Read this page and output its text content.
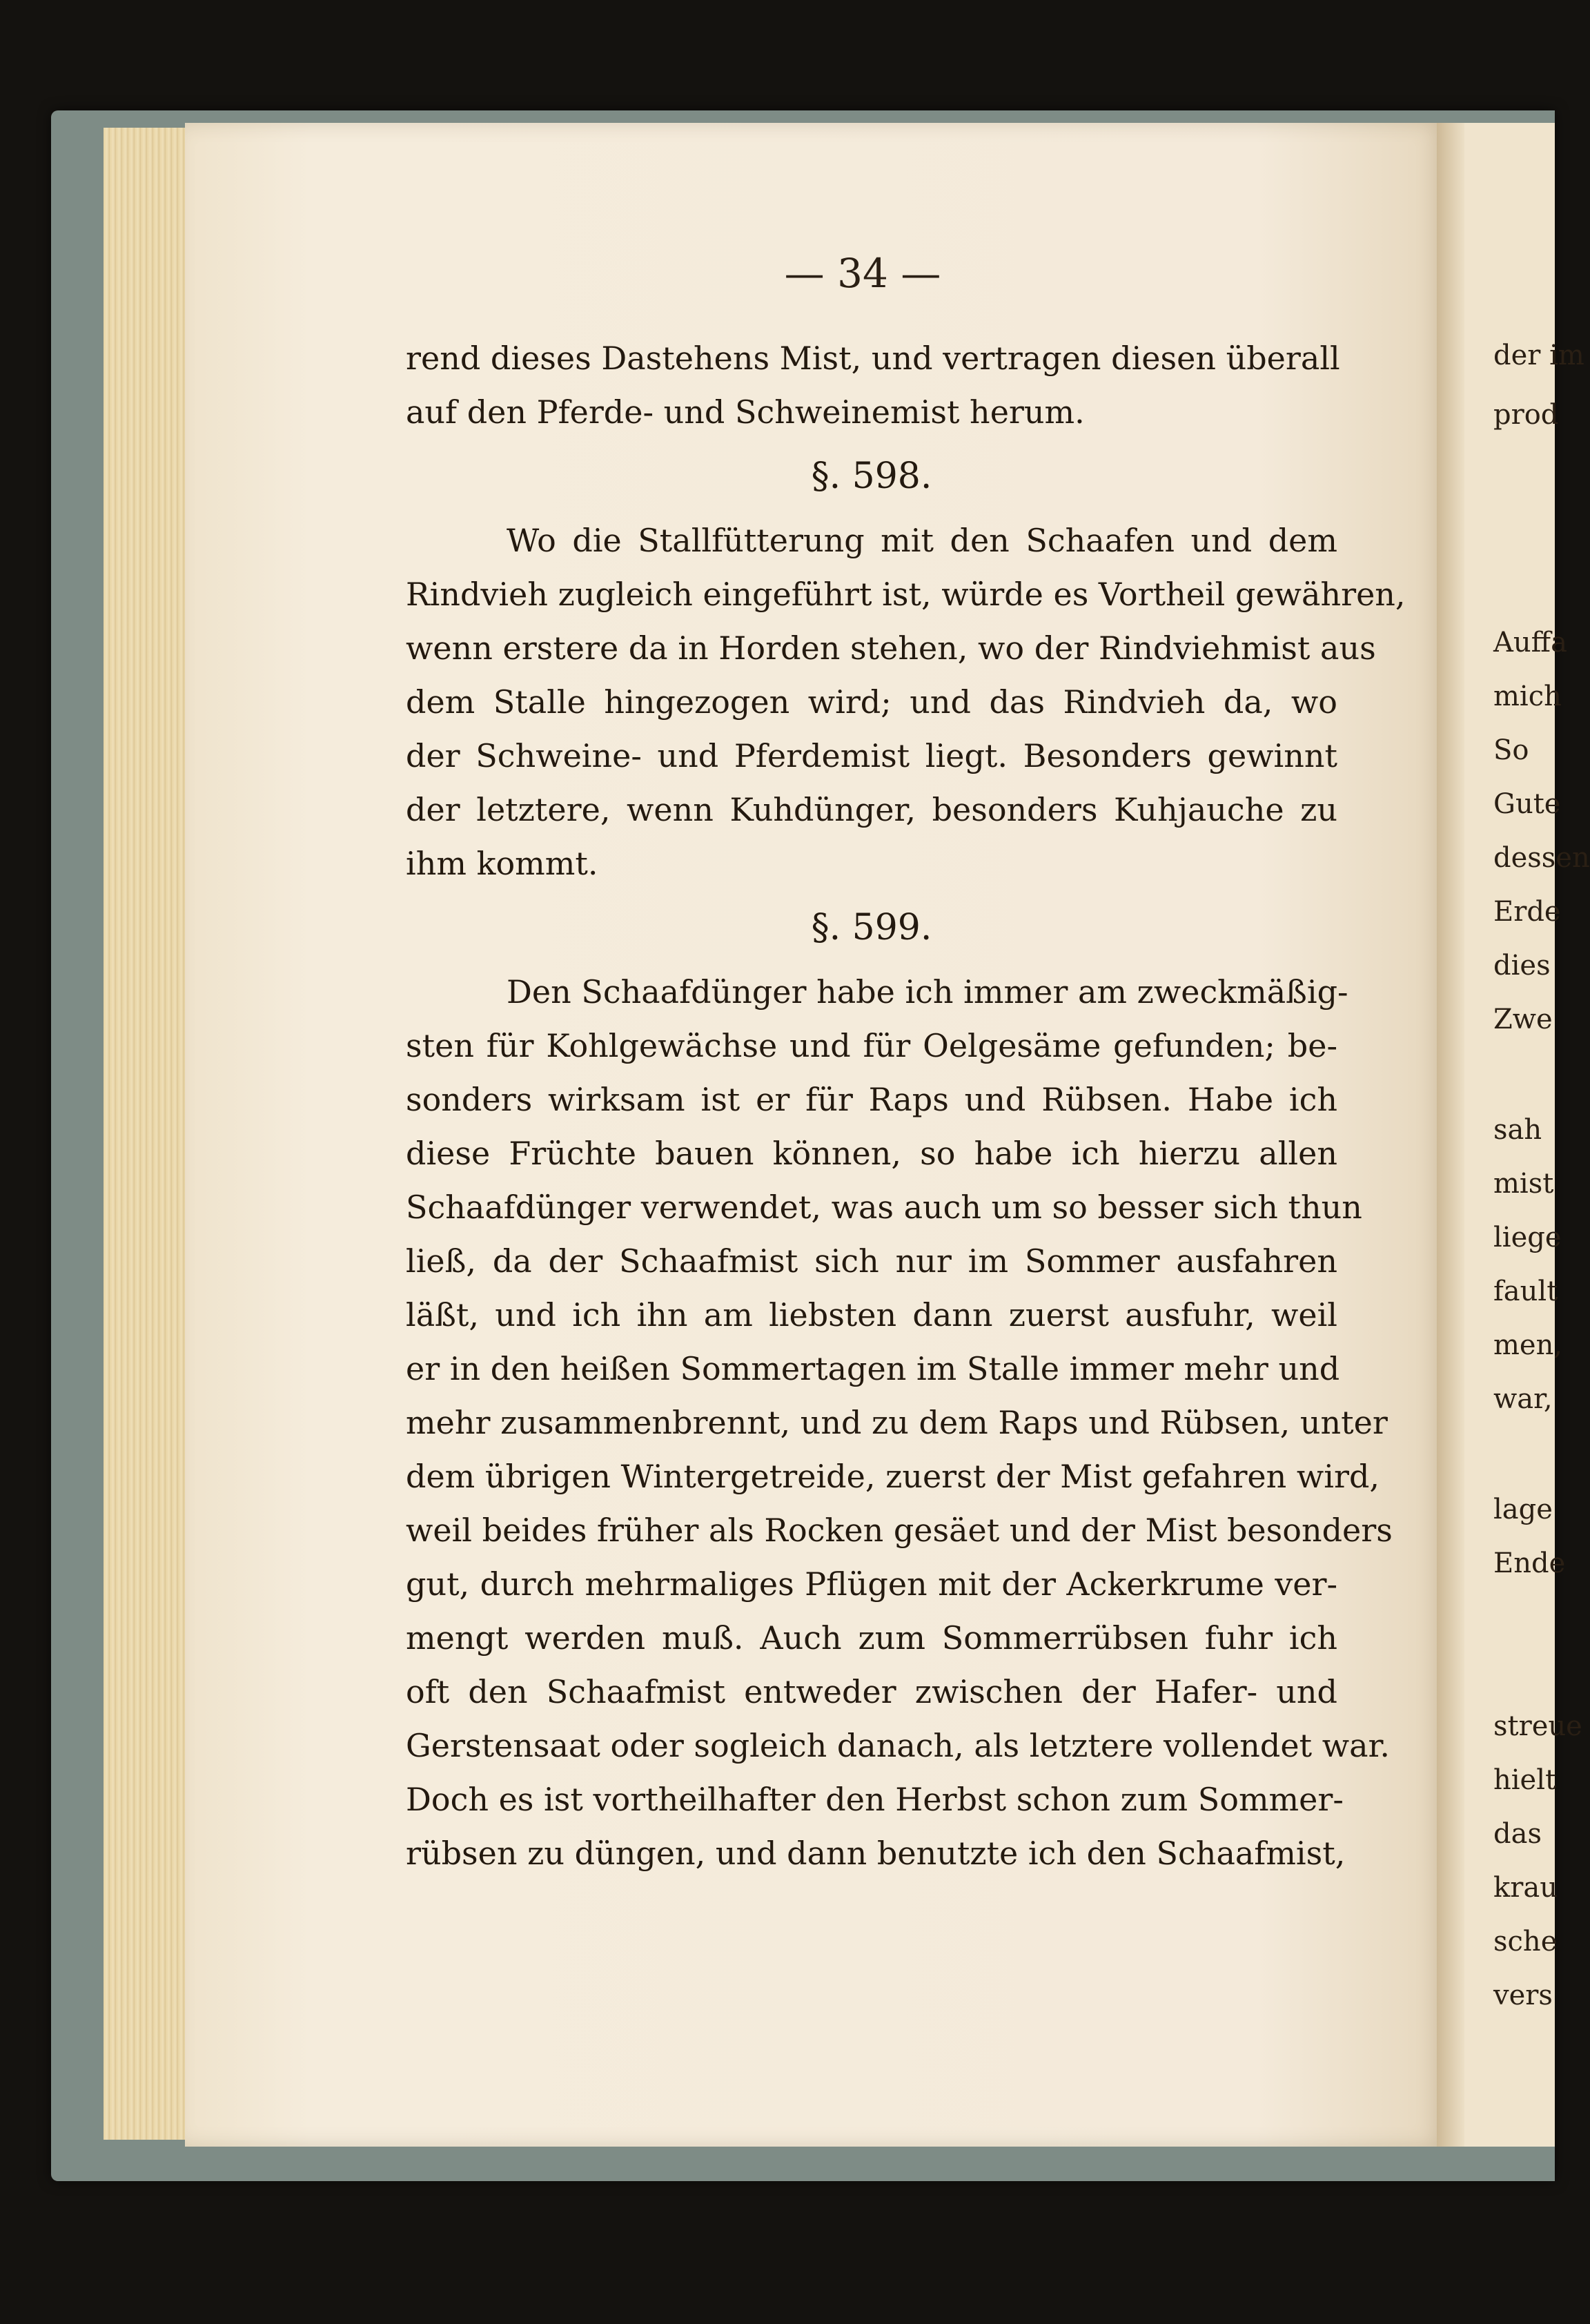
der im
prod
Auffa
mich
So
Gute
dessen
Erde
dies
Zwe
sah
mist
liege
fault
men,
war,
lage
Ende
streue
hielt
das
krau
sche
vers
— 34 —
rend dieses Dastehens Mist, und vertragen diesen überall
auf den Pferde- und Schweinemist herum.
§. 598.
Wo die Stallfütterung mit den Schaafen und dem
Rindvieh zugleich eingeführt ist, würde es Vortheil gewähren,
wenn erstere da in Horden stehen, wo der Rindviehmist aus
dem Stalle hingezogen wird; und das Rindvieh da, wo
der Schweine- und Pferdemist liegt. Besonders gewinnt
der letztere, wenn Kuhdünger, besonders Kuhjauche zu
ihm kommt.
§. 599.
Den Schaafdünger habe ich immer am zweckmäßig-
sten für Kohlgewächse und für Oelgesäme gefunden; be-
sonders wirksam ist er für Raps und Rübsen. Habe ich
diese Früchte bauen können, so habe ich hierzu allen
Schaafdünger verwendet, was auch um so besser sich thun
ließ, da der Schaafmist sich nur im Sommer ausfahren
läßt, und ich ihn am liebsten dann zuerst ausfuhr, weil
er in den heißen Sommertagen im Stalle immer mehr und
mehr zusammenbrennt, und zu dem Raps und Rübsen, unter
dem übrigen Wintergetreide, zuerst der Mist gefahren wird,
weil beides früher als Rocken gesäet und der Mist besonders
gut, durch mehrmaliges Pflügen mit der Ackerkrume ver-
mengt werden muß. Auch zum Sommerrübsen fuhr ich
oft den Schaafmist entweder zwischen der Hafer- und
Gerstensaat oder sogleich danach, als letztere vollendet war.
Doch es ist vortheilhafter den Herbst schon zum Sommer-
rübsen zu düngen, und dann benutzte ich den Schaafmist,
